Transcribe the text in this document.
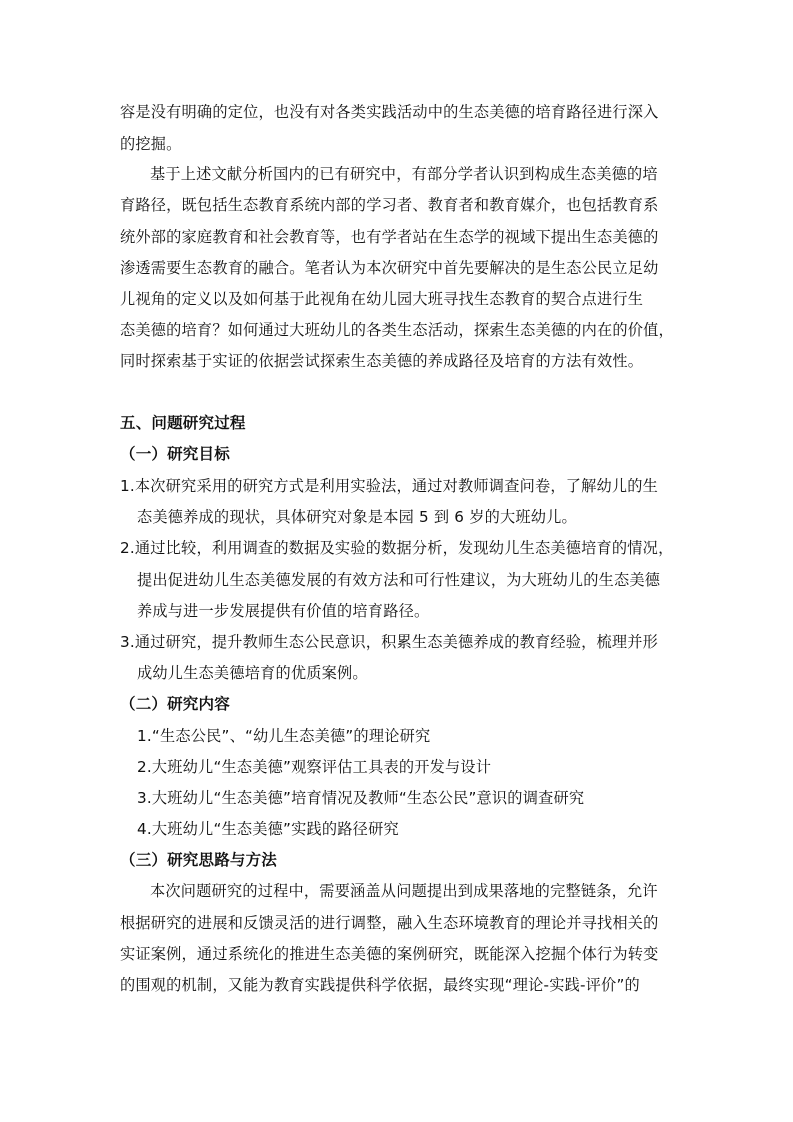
容是没有明确的定位，也没有对各类实践活动中的生态美德的培育路径进行深入
的挖掘。
基于上述文献分析国内的已有研究中，有部分学者认识到构成生态美德的培
育路径，既包括生态教育系统内部的学习者、教育者和教育媒介，也包括教育系
统外部的家庭教育和社会教育等，也有学者站在生态学的视域下提出生态美德的
渗透需要生态教育的融合。笔者认为本次研究中首先要解决的是生态公民立足幼
儿视角的定义以及如何基于此视角在幼儿园大班寻找生态教育的契合点进行生
态美德的培育？如何通过大班幼儿的各类生态活动，探索生态美德的内在的价值，
同时探索基于实证的依据尝试探索生态美德的养成路径及培育的方法有效性。
五、问题研究过程
（一）研究目标
1.本次研究采用的研究方式是利用实验法，通过对教师调查问卷，了解幼儿的生
态美德养成的现状，具体研究对象是本园 5 到 6 岁的大班幼儿。
2.通过比较，利用调查的数据及实验的数据分析，发现幼儿生态美德培育的情况，
提出促进幼儿生态美德发展的有效方法和可行性建议，为大班幼儿的生态美德
养成与进一步发展提供有价值的培育路径。
3.通过研究，提升教师生态公民意识，积累生态美德养成的教育经验，梳理并形
成幼儿生态美德培育的优质案例。
（二）研究内容
1.“生态公民”、“幼儿生态美德”的理论研究
2.大班幼儿“生态美德”观察评估工具表的开发与设计
3.大班幼儿“生态美德”培育情况及教师“生态公民”意识的调查研究
4.大班幼儿“生态美德”实践的路径研究
（三）研究思路与方法
本次问题研究的过程中，需要涵盖从问题提出到成果落地的完整链条，允许
根据研究的进展和反馈灵活的进行调整，融入生态环境教育的理论并寻找相关的
实证案例，通过系统化的推进生态美德的案例研究，既能深入挖掘个体行为转变
的围观的机制，又能为教育实践提供科学依据，最终实现“理论-实践-评价”的
